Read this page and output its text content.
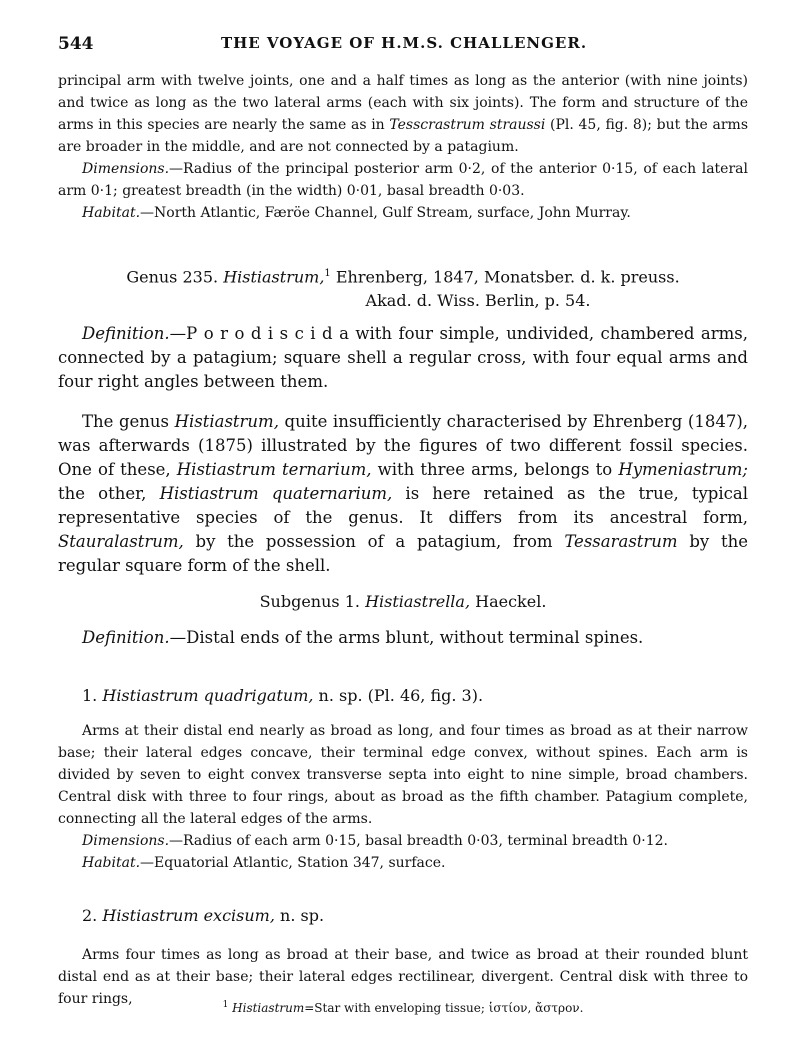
544	THE VOYAGE OF H.M.S. CHALLENGER.

principal arm with twelve joints, one and a half times as long as the anterior (with nine joints) and twice as long as the two lateral arms (each with six joints). The form and structure of the arms in this species are nearly the same as in Tesscrastrum straussi (Pl. 45, fig. 8); but the arms are broader in the middle, and are not connected by a patagium.

Dimensions.—Radius of the principal posterior arm 0·2, of the anterior 0·15, of each lateral arm 0·1; greatest breadth (in the width) 0·01, basal breadth 0·03.

Habitat.—North Atlantic, Færöe Channel, Gulf Stream, surface, John Murray.

Genus 235. Histiastrum,$^1$ Ehrenberg, 1847, Monatsber. d. k. preuss.
Akad. d. Wiss. Berlin, p. 54.

Definition.—P o r o d i s c i d a with four simple, undivided, chambered arms, connected by a patagium; square shell a regular cross, with four equal arms and four right angles between them.

The genus Histiastrum, quite insufficiently characterised by Ehrenberg (1847), was afterwards (1875) illustrated by the figures of two different fossil species. One of these, Histiastrum ternarium, with three arms, belongs to Hymeniastrum; the other, Histiastrum quaternarium, is here retained as the true, typical representative species of the genus. It differs from its ancestral form, Stauralastrum, by the possession of a patagium, from Tessarastrum by the regular square form of the shell.

Subgenus 1. Histiastrella, Haeckel.

Definition.—Distal ends of the arms blunt, without terminal spines.

1. Histiastrum quadrigatum, n. sp. (Pl. 46, fig. 3).

Arms at their distal end nearly as broad as long, and four times as broad as at their narrow base; their lateral edges concave, their terminal edge convex, without spines. Each arm is divided by seven to eight convex transverse septa into eight to nine simple, broad chambers. Central disk with three to four rings, about as broad as the fifth chamber. Patagium complete, connecting all the lateral edges of the arms.

Dimensions.—Radius of each arm 0·15, basal breadth 0·03, terminal breadth 0·12.

Habitat.—Equatorial Atlantic, Station 347, surface.

2. Histiastrum excisum, n. sp.

Arms four times as long as broad at their base, and twice as broad at their rounded blunt distal end as at their base; their lateral edges rectilinear, divergent. Central disk with three to four rings,	$^1$ Histiastrum=Star with enveloping tissue; ἱστίον, ἄστρον.
